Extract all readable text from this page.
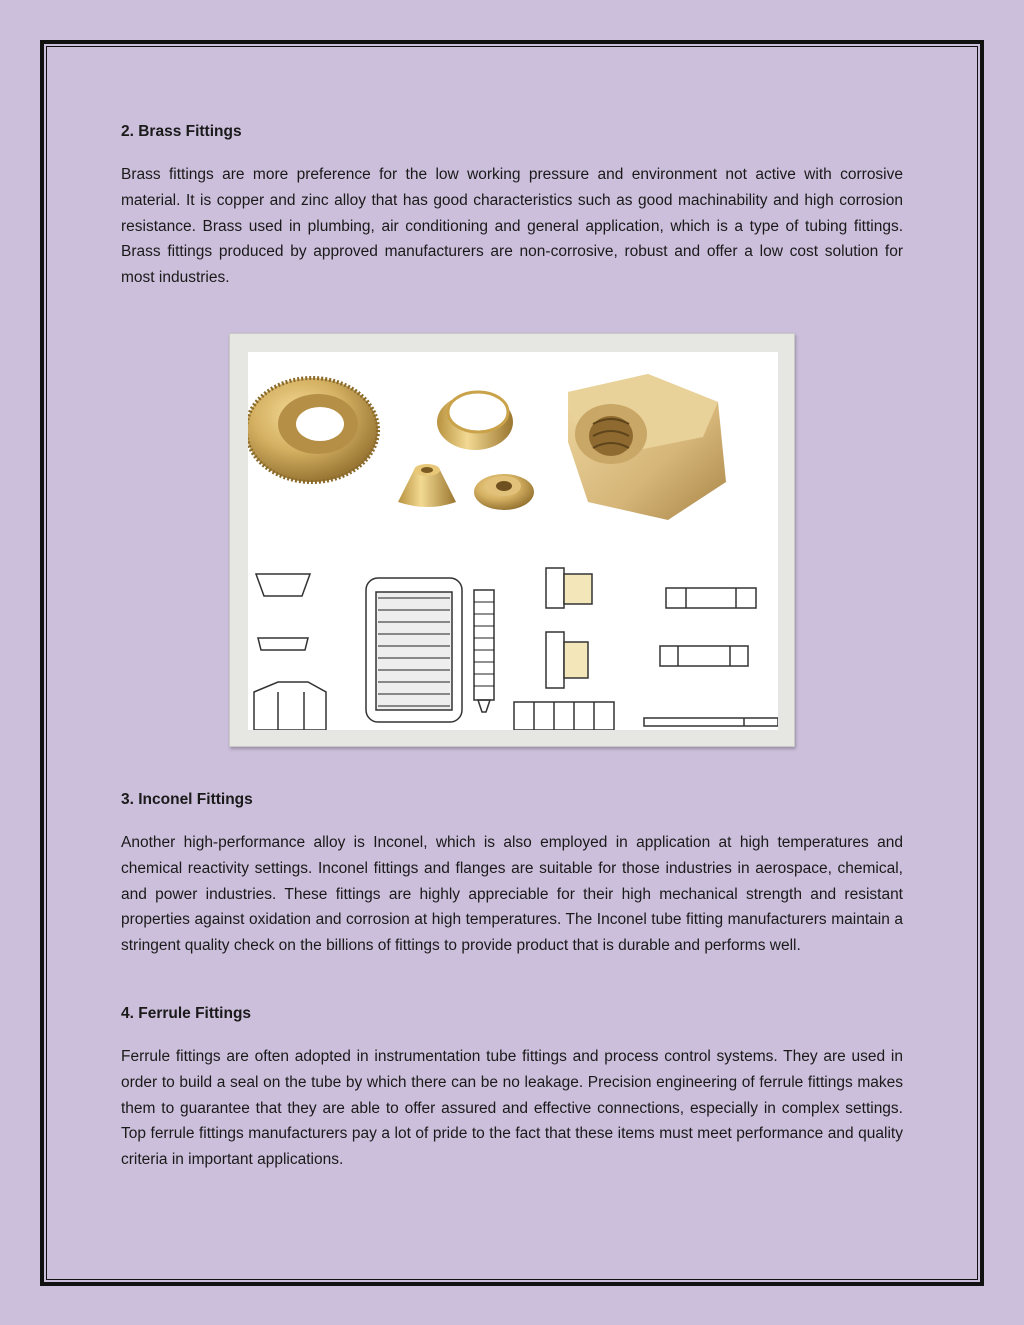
2. Brass Fittings

Brass fittings are more preference for the low working pressure and environment not active with corrosive material. It is copper and zinc alloy that has good characteristics such as good machinability and high corrosion resistance. Brass used in plumbing, air conditioning and general application, which is a type of tubing fittings. Brass fittings produced by approved manufacturers are non-corrosive, robust and offer a low cost solution for most industries.

3. Inconel Fittings

Another high-performance alloy is Inconel, which is also employed in application at high temperatures and chemical reactivity settings. Inconel fittings and flanges are suitable for those industries in aerospace, chemical, and power industries. These fittings are highly appreciable for their high mechanical strength and resistant properties against oxidation and corrosion at high temperatures. The Inconel tube fitting manufacturers maintain a stringent quality check on the billions of fittings to provide product that is durable and performs well.

4. Ferrule Fittings

Ferrule fittings are often adopted in instrumentation tube fittings and process control systems. They are used in order to build a seal on the tube by which there can be no leakage. Precision engineering of ferrule fittings makes them to guarantee that they are able to offer assured and effective connections, especially in complex settings. Top ferrule fittings manufacturers pay a lot of pride to the fact that these items must meet performance and quality criteria in important applications.
